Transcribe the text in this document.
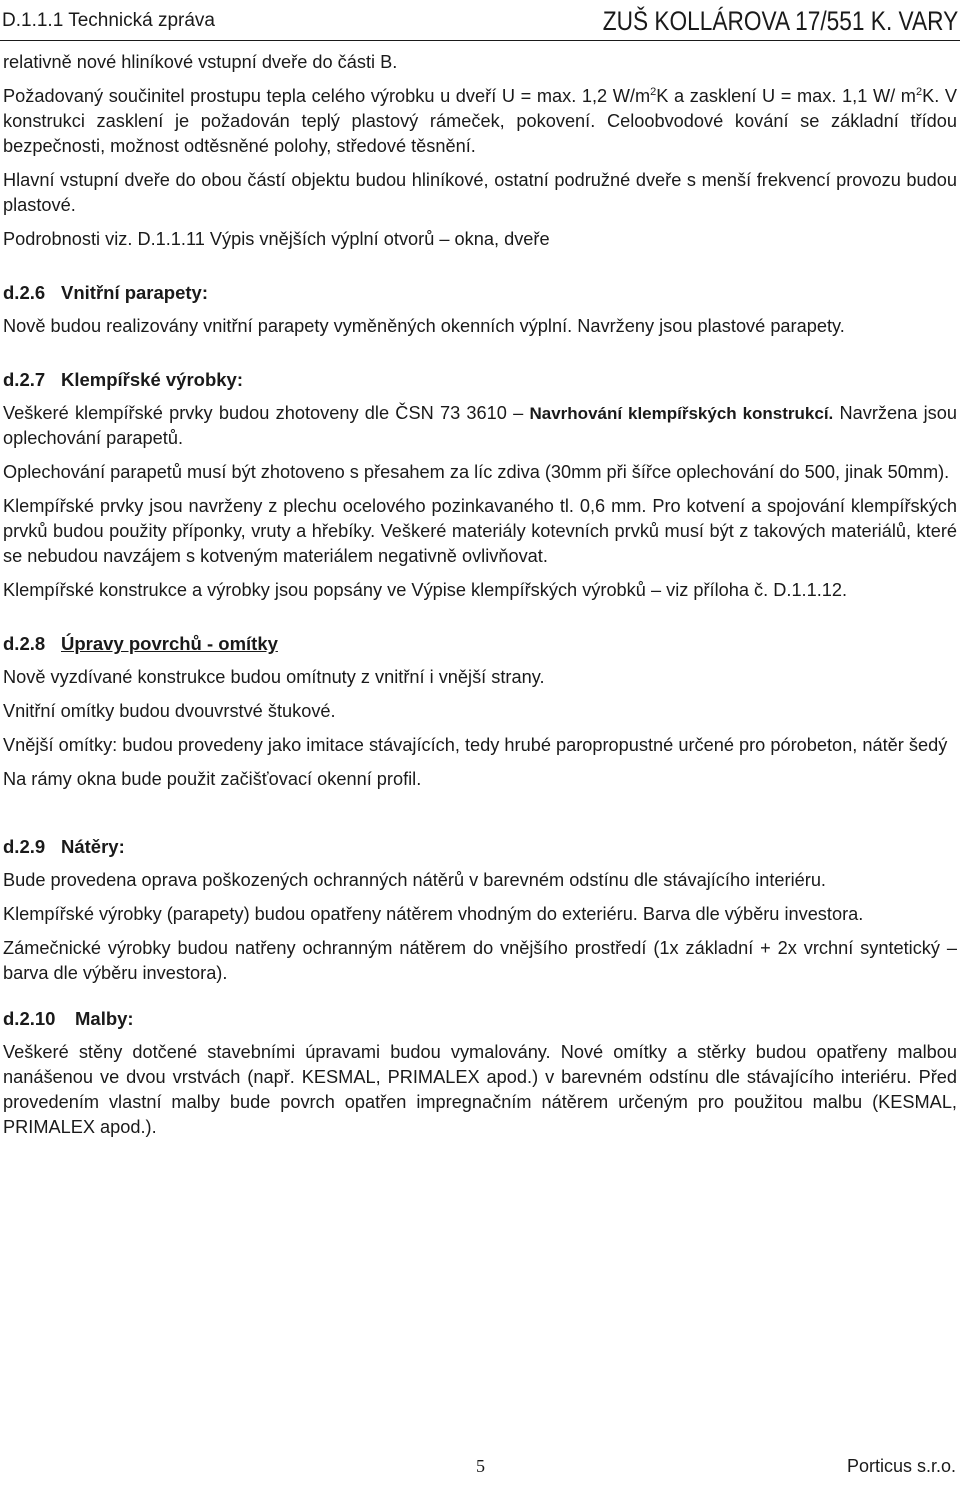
D.1.1.1 Technická zpráva	ZUŠ KOLLÁROVA 17/551 K. VARY

relativně nové hliníkové vstupní dveře do části B.

Požadovaný součinitel prostupu tepla celého výrobku u dveří U = max. 1,2 $W/m^2K$ a zasklení U = max. 1,1 W/ $m^2K$. V konstrukci zasklení je požadován teplý plastový rámeček, pokovení. Celoobvodové kování se základní třídou bezpečnosti, možnost odtěsněné polohy, středové těsnění.

Hlavní vstupní dveře do obou částí objektu budou hliníkové, ostatní podružné dveře s menší frekvencí provozu budou plastové.

Podrobnosti viz. D.1.1.11 Výpis vnějších výplní otvorů – okna, dveře

d.2.6 Vnitřní parapety:

Nově budou realizovány vnitřní parapety vyměněných okenních výplní. Navrženy jsou plastové parapety.

d.2.7 Klempířské výrobky:

Veškeré klempířské prvky budou zhotoveny dle ČSN 73 3610 – Navrhování klempířských konstrukcí. Navržena jsou oplechování parapetů.

Oplechování parapetů musí být zhotoveno s přesahem za líc zdiva (30mm při šířce oplechování do 500, jinak 50mm).

Klempířské prvky jsou navrženy z plechu ocelového pozinkavaného tl. 0,6 mm. Pro kotvení a spojování klempířských prvků budou použity příponky, vruty a hřebíky. Veškeré materiály kotevních prvků musí být z takových materiálů, které se nebudou navzájem s kotveným materiálem negativně ovlivňovat.

Klempířské konstrukce a výrobky jsou popsány ve Výpise klempířských výrobků – viz příloha č. D.1.1.12.

d.2.8 Úpravy povrchů - omítky

Nově vyzdívané konstrukce budou omítnuty z vnitřní i vnější strany.

Vnitřní omítky budou dvouvrstvé štukové.

Vnější omítky: budou provedeny jako imitace stávajících, tedy hrubé paropropustné určené pro pórobeton, nátěr šedý

Na rámy okna bude použit začišťovací okenní profil.

d.2.9 Nátěry:

Bude provedena oprava poškozených ochranných nátěrů v barevném odstínu dle stávajícího interiéru.

Klempířské výrobky (parapety) budou opatřeny nátěrem vhodným do exteriéru. Barva dle výběru investora.

Zámečnické výrobky budou natřeny ochranným nátěrem do vnějšího prostředí (1x základní + 2x vrchní syntetický – barva dle výběru investora).

d.2.10 Malby:

Veškeré stěny dotčené stavebními úpravami budou vymalovány. Nové omítky a stěrky budou opatřeny malbou nanášenou ve dvou vrstvách (např. KESMAL, PRIMALEX apod.) v barevném odstínu dle stávajícího interiéru. Před provedením vlastní malby bude povrch opatřen impregnačním nátěrem určeným pro použitou malbu (KESMAL, PRIMALEX apod.).

5	Porticus s.r.o.
